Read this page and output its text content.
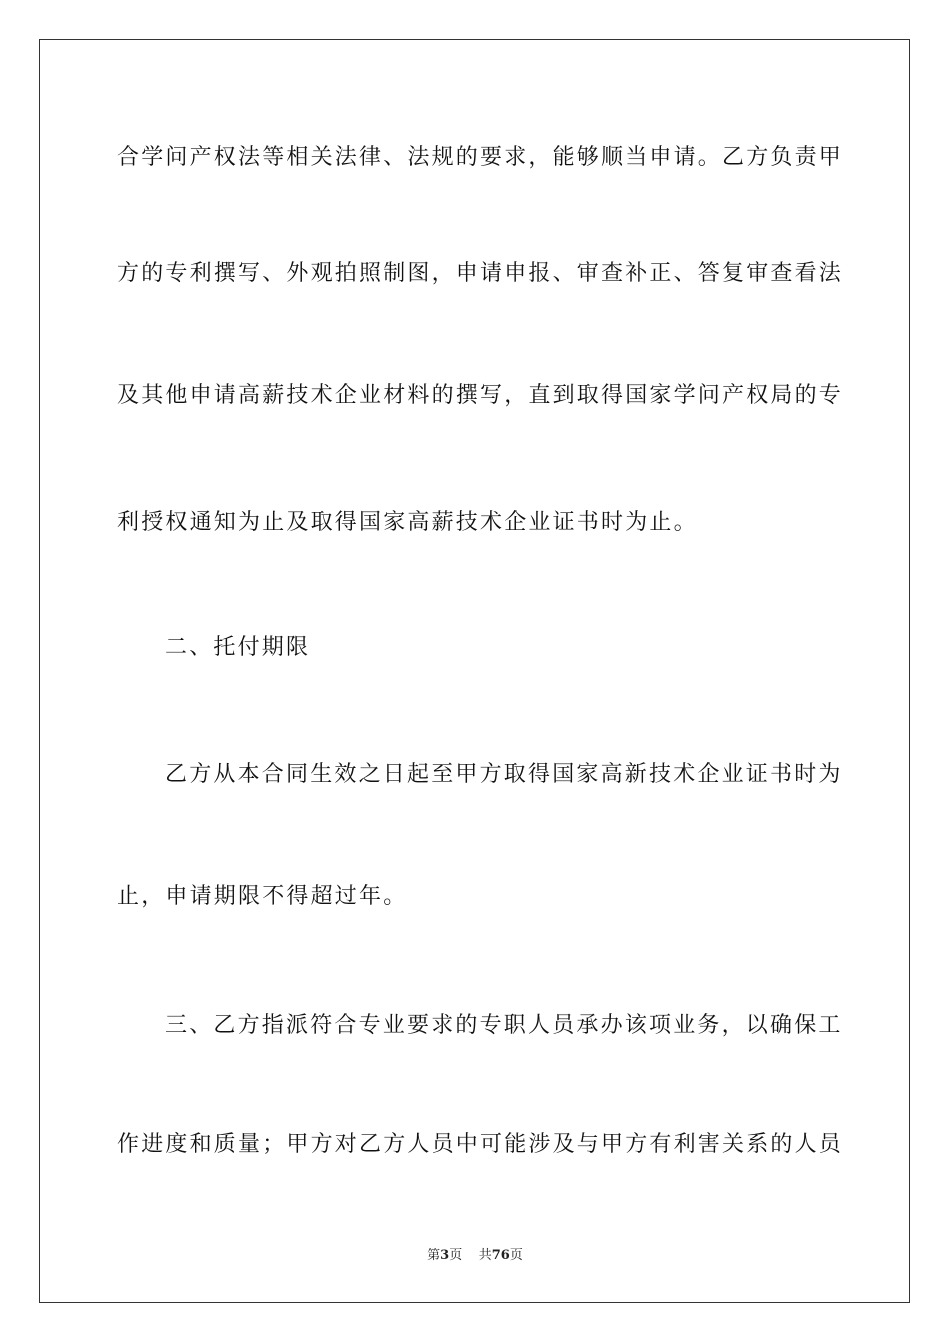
合学问产权法等相关法律、法规的要求，能够顺当申请。乙方负责甲
方的专利撰写、外观拍照制图，申请申报、审查补正、答复审查看法
及其他申请高薪技术企业材料的撰写，直到取得国家学问产权局的专
利授权通知为止及取得国家高薪技术企业证书时为止。
二、托付期限
乙方从本合同生效之日起至甲方取得国家高新技术企业证书时为
止，申请期限不得超过年。
三、乙方指派符合专业要求的专职人员承办该项业务，以确保工
作进度和质量；甲方对乙方人员中可能涉及与甲方有利害关系的人员
第3页 共76页
